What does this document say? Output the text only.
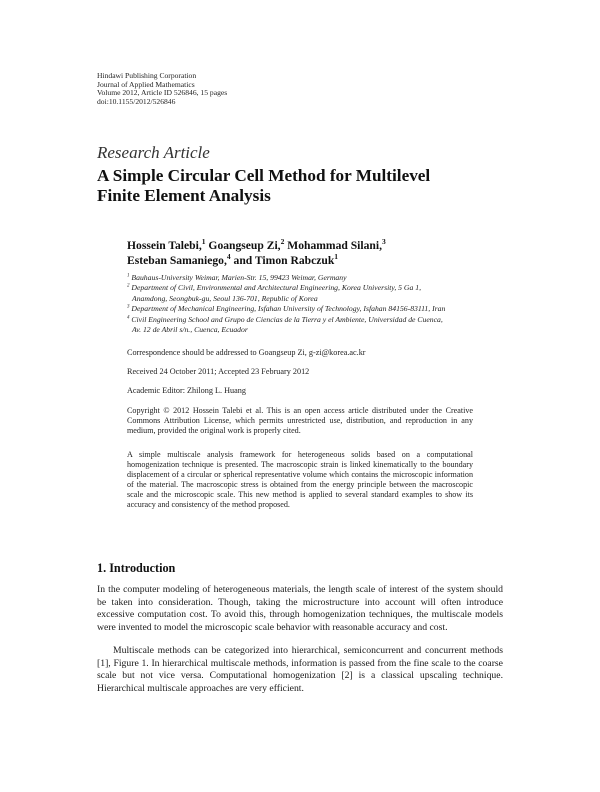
Hindawi Publishing Corporation
Journal of Applied Mathematics
Volume 2012, Article ID 526846, 15 pages
doi:10.1155/2012/526846
Research Article
A Simple Circular Cell Method for Multilevel
Finite Element Analysis
Hossein Talebi,$^1$ Goangseup Zi,$^2$ Mohammad Silani,$^3$
Esteban Samaniego,$^4$ and Timon Rabczuk$^1$
$^1$ Bauhaus-University Weimar, Marien-Str. 15, 99423 Weimar, Germany
$^2$ Department of Civil, Environmental and Architectural Engineering, Korea University, 5 Ga 1,
Anamdong, Seongbuk-gu, Seoul 136-701, Republic of Korea
$^3$ Department of Mechanical Engineering, Isfahan University of Technology, Isfahan 84156-83111, Iran
$^4$ Civil Engineering School and Grupo de Ciencias de la Tierra y el Ambiente, Universidad de Cuenca,
Av. 12 de Abril s/n., Cuenca, Ecuador
Correspondence should be addressed to Goangseup Zi, g-zi@korea.ac.kr
Received 24 October 2011; Accepted 23 February 2012
Academic Editor: Zhilong L. Huang
Copyright © 2012 Hossein Talebi et al. This is an open access article distributed under the Creative Commons Attribution License, which permits unrestricted use, distribution, and reproduction in any medium, provided the original work is properly cited.
A simple multiscale analysis framework for heterogeneous solids based on a computational homogenization technique is presented. The macroscopic strain is linked kinematically to the boundary displacement of a circular or spherical representative volume which contains the microscopic information of the material. The macroscopic stress is obtained from the energy principle between the macroscopic scale and the microscopic scale. This new method is applied to several standard examples to show its accuracy and consistency of the method proposed.
1. Introduction
In the computer modeling of heterogeneous materials, the length scale of interest of the system should be taken into consideration. Though, taking the microstructure into account will often introduce excessive computation cost. To avoid this, through homogenization techniques, the multiscale models were invented to model the microscopic scale behavior with reasonable accuracy and cost.
Multiscale methods can be categorized into hierarchical, semiconcurrent and concurrent methods [1], Figure 1. In hierarchical multiscale methods, information is passed from the fine scale to the coarse scale but not vice versa. Computational homogenization [2] is a classical upscaling technique. Hierarchical multiscale approaches are very efficient.
